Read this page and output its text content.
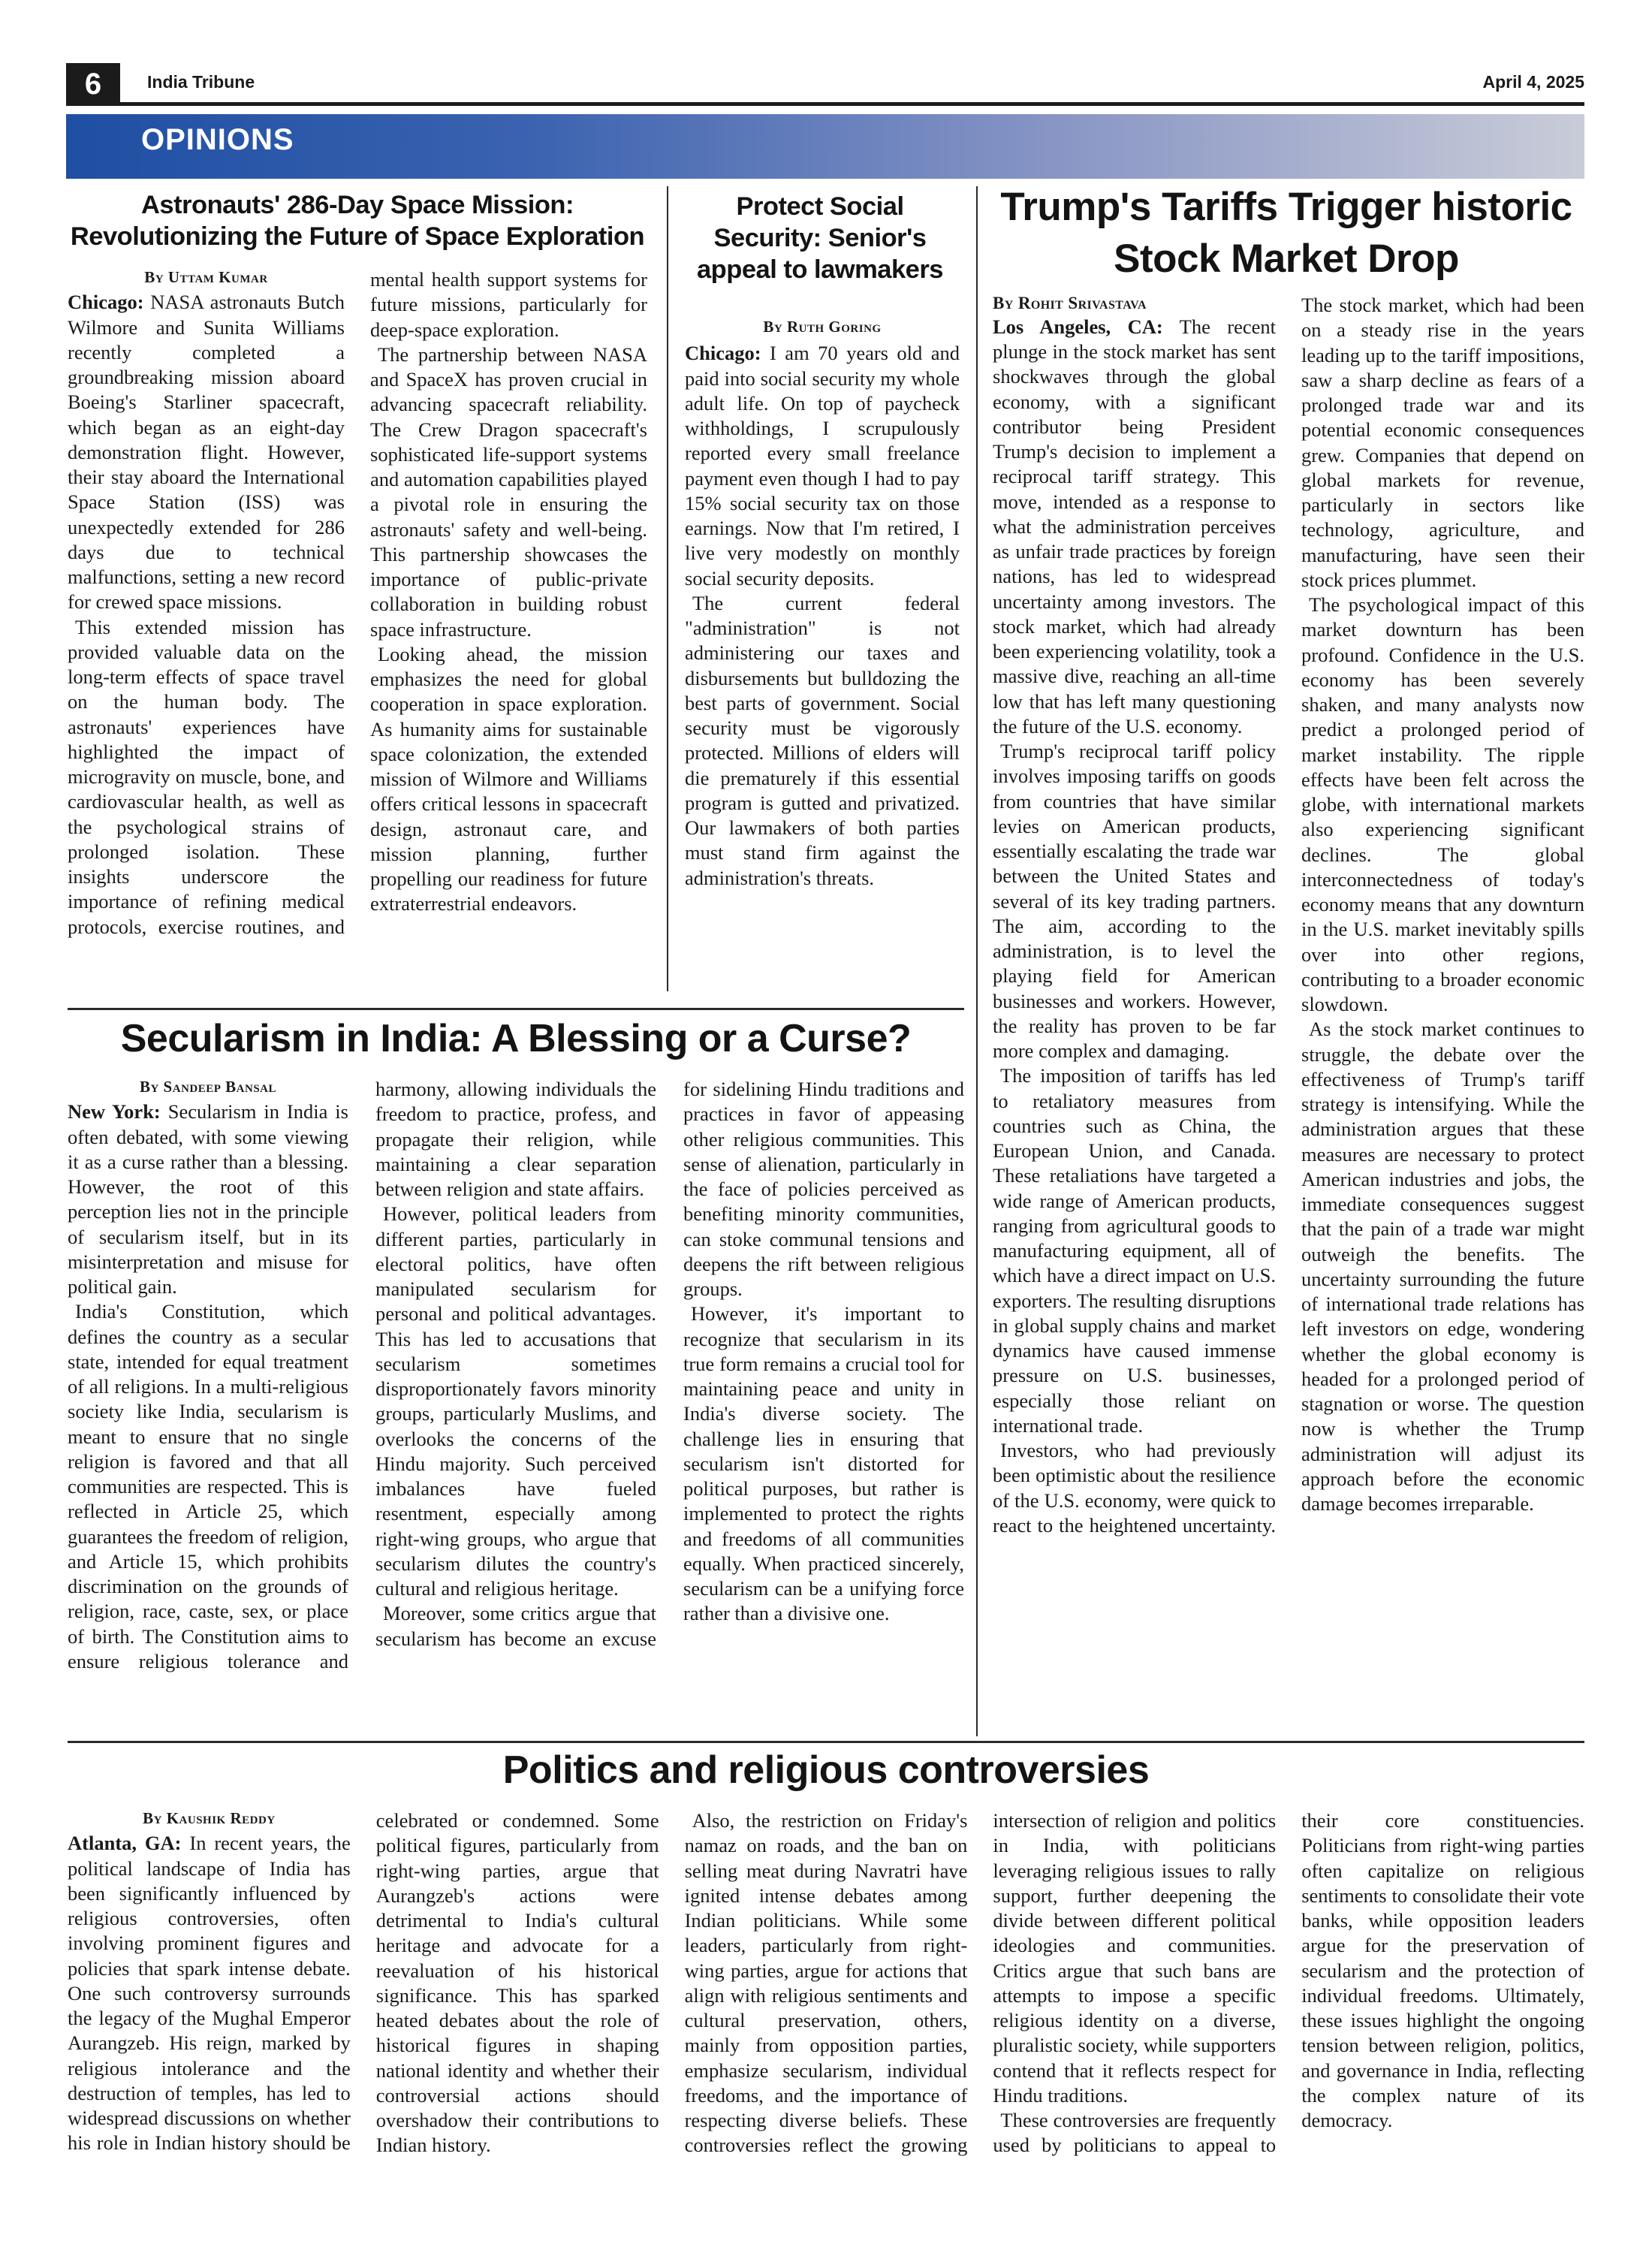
6	India Tribune	April 4, 2025
OPINIONS
Astronauts' 286-Day Space Mission: Revolutionizing the Future of Space Exploration
By Uttam Kumar

Chicago: NASA astronauts Butch Wilmore and Sunita Williams recently completed a groundbreaking mission aboard Boeing's Starliner spacecraft, which began as an eight-day demonstration flight. However, their stay aboard the International Space Station (ISS) was unexpectedly extended for 286 days due to technical malfunctions, setting a new record for crewed space missions.

This extended mission has provided valuable data on the long-term effects of space travel on the human body. The astronauts' experiences have highlighted the impact of microgravity on muscle, bone, and cardiovascular health, as well as the psychological strains of prolonged isolation. These insights underscore the importance of refining medical protocols, exercise routines, and mental health support systems for future missions, particularly for deep-space exploration.

The partnership between NASA and SpaceX has proven crucial in advancing spacecraft reliability. The Crew Dragon spacecraft's sophisticated life-support systems and automation capabilities played a pivotal role in ensuring the astronauts' safety and well-being. This partnership showcases the importance of public-private collaboration in building robust space infrastructure.

Looking ahead, the mission emphasizes the need for global cooperation in space exploration. As humanity aims for sustainable space colonization, the extended mission of Wilmore and Williams offers critical lessons in spacecraft design, astronaut care, and mission planning, further propelling our readiness for future extraterrestrial endeavors.

Protect Social Security: Senior's appeal to lawmakers
By Ruth Goring

Chicago: I am 70 years old and paid into social security my whole adult life. On top of paycheck withholdings, I scrupulously reported every small freelance payment even though I had to pay 15% social security tax on those earnings. Now that I'm retired, I live very modestly on monthly social security deposits.

The current federal "administration" is not administering our taxes and disbursements but bulldozing the best parts of government. Social security must be vigorously protected. Millions of elders will die prematurely if this essential program is gutted and privatized. Our lawmakers of both parties must stand firm against the administration's threats.

Trump's Tariffs Trigger historic Stock Market Drop
By Rohit Srivastava

Los Angeles, CA: The recent plunge in the stock market has sent shockwaves through the global economy, with a significant contributor being President Trump's decision to implement a reciprocal tariff strategy. This move, intended as a response to what the administration perceives as unfair trade practices by foreign nations, has led to widespread uncertainty among investors. The stock market, which had already been experiencing volatility, took a massive dive, reaching an all-time low that has left many questioning the future of the U.S. economy.

Trump's reciprocal tariff policy involves imposing tariffs on goods from countries that have similar levies on American products, essentially escalating the trade war between the United States and several of its key trading partners. The aim, according to the administration, is to level the playing field for American businesses and workers. However, the reality has proven to be far more complex and damaging.

The imposition of tariffs has led to retaliatory measures from countries such as China, the European Union, and Canada. These retaliations have targeted a wide range of American products, ranging from agricultural goods to manufacturing equipment, all of which have a direct impact on U.S. exporters. The resulting disruptions in global supply chains and market dynamics have caused immense pressure on U.S. businesses, especially those reliant on international trade.

Investors, who had previously been optimistic about the resilience of the U.S. economy, were quick to react to the heightened uncertainty. The stock market, which had been on a steady rise in the years leading up to the tariff impositions, saw a sharp decline as fears of a prolonged trade war and its potential economic consequences grew. Companies that depend on global markets for revenue, particularly in sectors like technology, agriculture, and manufacturing, have seen their stock prices plummet.

The psychological impact of this market downturn has been profound. Confidence in the U.S. economy has been severely shaken, and many analysts now predict a prolonged period of market instability. The ripple effects have been felt across the globe, with international markets also experiencing significant declines. The global interconnectedness of today's economy means that any downturn in the U.S. market inevitably spills over into other regions, contributing to a broader economic slowdown.

As the stock market continues to struggle, the debate over the effectiveness of Trump's tariff strategy is intensifying. While the administration argues that these measures are necessary to protect American industries and jobs, the immediate consequences suggest that the pain of a trade war might outweigh the benefits. The uncertainty surrounding the future of international trade relations has left investors on edge, wondering whether the global economy is headed for a prolonged period of stagnation or worse. The question now is whether the Trump administration will adjust its approach before the economic damage becomes irreparable.

Secularism in India: A Blessing or a Curse?
By Sandeep Bansal

New York: Secularism in India is often debated, with some viewing it as a curse rather than a blessing. However, the root of this perception lies not in the principle of secularism itself, but in its misinterpretation and misuse for political gain.

India's Constitution, which defines the country as a secular state, intended for equal treatment of all religions. In a multi-religious society like India, secularism is meant to ensure that no single religion is favored and that all communities are respected. This is reflected in Article 25, which guarantees the freedom of religion, and Article 15, which prohibits discrimination on the grounds of religion, race, caste, sex, or place of birth. The Constitution aims to ensure religious tolerance and harmony, allowing individuals the freedom to practice, profess, and propagate their religion, while maintaining a clear separation between religion and state affairs.

However, political leaders from different parties, particularly in electoral politics, have often manipulated secularism for personal and political advantages. This has led to accusations that secularism sometimes disproportionately favors minority groups, particularly Muslims, and overlooks the concerns of the Hindu majority. Such perceived imbalances have fueled resentment, especially among right-wing groups, who argue that secularism dilutes the country's cultural and religious heritage.

Moreover, some critics argue that secularism has become an excuse for sidelining Hindu traditions and practices in favor of appeasing other religious communities. This sense of alienation, particularly in the face of policies perceived as benefiting minority communities, can stoke communal tensions and deepens the rift between religious groups.

However, it's important to recognize that secularism in its true form remains a crucial tool for maintaining peace and unity in India's diverse society. The challenge lies in ensuring that secularism isn't distorted for political purposes, but rather is implemented to protect the rights and freedoms of all communities equally. When practiced sincerely, secularism can be a unifying force rather than a divisive one.

Politics and religious controversies
By Kaushik Reddy

Atlanta, GA: In recent years, the political landscape of India has been significantly influenced by religious controversies, often involving prominent figures and policies that spark intense debate. One such controversy surrounds the legacy of the Mughal Emperor Aurangzeb. His reign, marked by religious intolerance and the destruction of temples, has led to widespread discussions on whether his role in Indian history should be celebrated or condemned. Some political figures, particularly from right-wing parties, argue that Aurangzeb's actions were detrimental to India's cultural heritage and advocate for a reevaluation of his historical significance. This has sparked heated debates about the role of historical figures in shaping national identity and whether their controversial actions should overshadow their contributions to Indian history.

Also, the restriction on Friday's namaz on roads, and the ban on selling meat during Navratri have ignited intense debates among Indian politicians. While some leaders, particularly from right-wing parties, argue for actions that align with religious sentiments and cultural preservation, others, mainly from opposition parties, emphasize secularism, individual freedoms, and the importance of respecting diverse beliefs. These controversies reflect the growing intersection of religion and politics in India, with politicians leveraging religious issues to rally support, further deepening the divide between different political ideologies and communities. Critics argue that such bans are attempts to impose a specific religious identity on a diverse, pluralistic society, while supporters contend that it reflects respect for Hindu traditions.

These controversies are frequently used by politicians to appeal to their core constituencies. Politicians from right-wing parties often capitalize on religious sentiments to consolidate their vote banks, while opposition leaders argue for the preservation of secularism and the protection of individual freedoms. Ultimately, these issues highlight the ongoing tension between religion, politics, and governance in India, reflecting the complex nature of its democracy.
